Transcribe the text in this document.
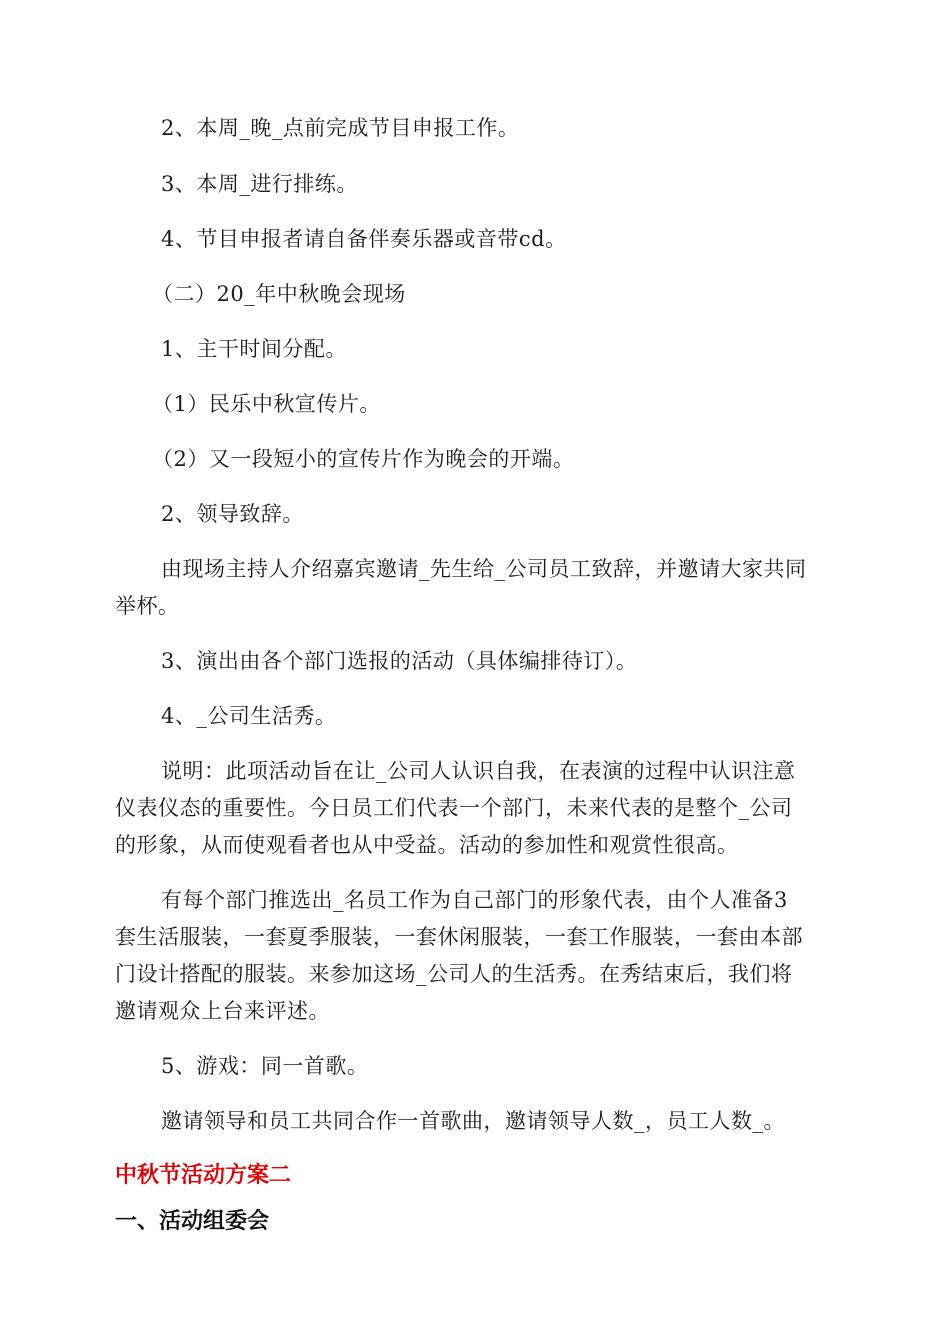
2、本周_晚_点前完成节目申报工作。
3、本周_进行排练。
4、节目申报者请自备伴奏乐器或音带cd。
（二）20_年中秋晚会现场
1、主干时间分配。
（1）民乐中秋宣传片。
（2）又一段短小的宣传片作为晚会的开端。
2、领导致辞。
由现场主持人介绍嘉宾邀请_先生给_公司员工致辞，并邀请大家共同
举杯。
3、演出由各个部门选报的活动（具体编排待订）。
4、_公司生活秀。
说明：此项活动旨在让_公司人认识自我，在表演的过程中认识注意
仪表仪态的重要性。今日员工们代表一个部门，未来代表的是整个_公司
的形象，从而使观看者也从中受益。活动的参加性和观赏性很高。
有每个部门推选出_名员工作为自己部门的形象代表，由个人准备3
套生活服装，一套夏季服装，一套休闲服装，一套工作服装，一套由本部
门设计搭配的服装。来参加这场_公司人的生活秀。在秀结束后，我们将
邀请观众上台来评述。
5、游戏：同一首歌。
邀请领导和员工共同合作一首歌曲，邀请领导人数_，员工人数_。
中秋节活动方案二
一、活动组委会
